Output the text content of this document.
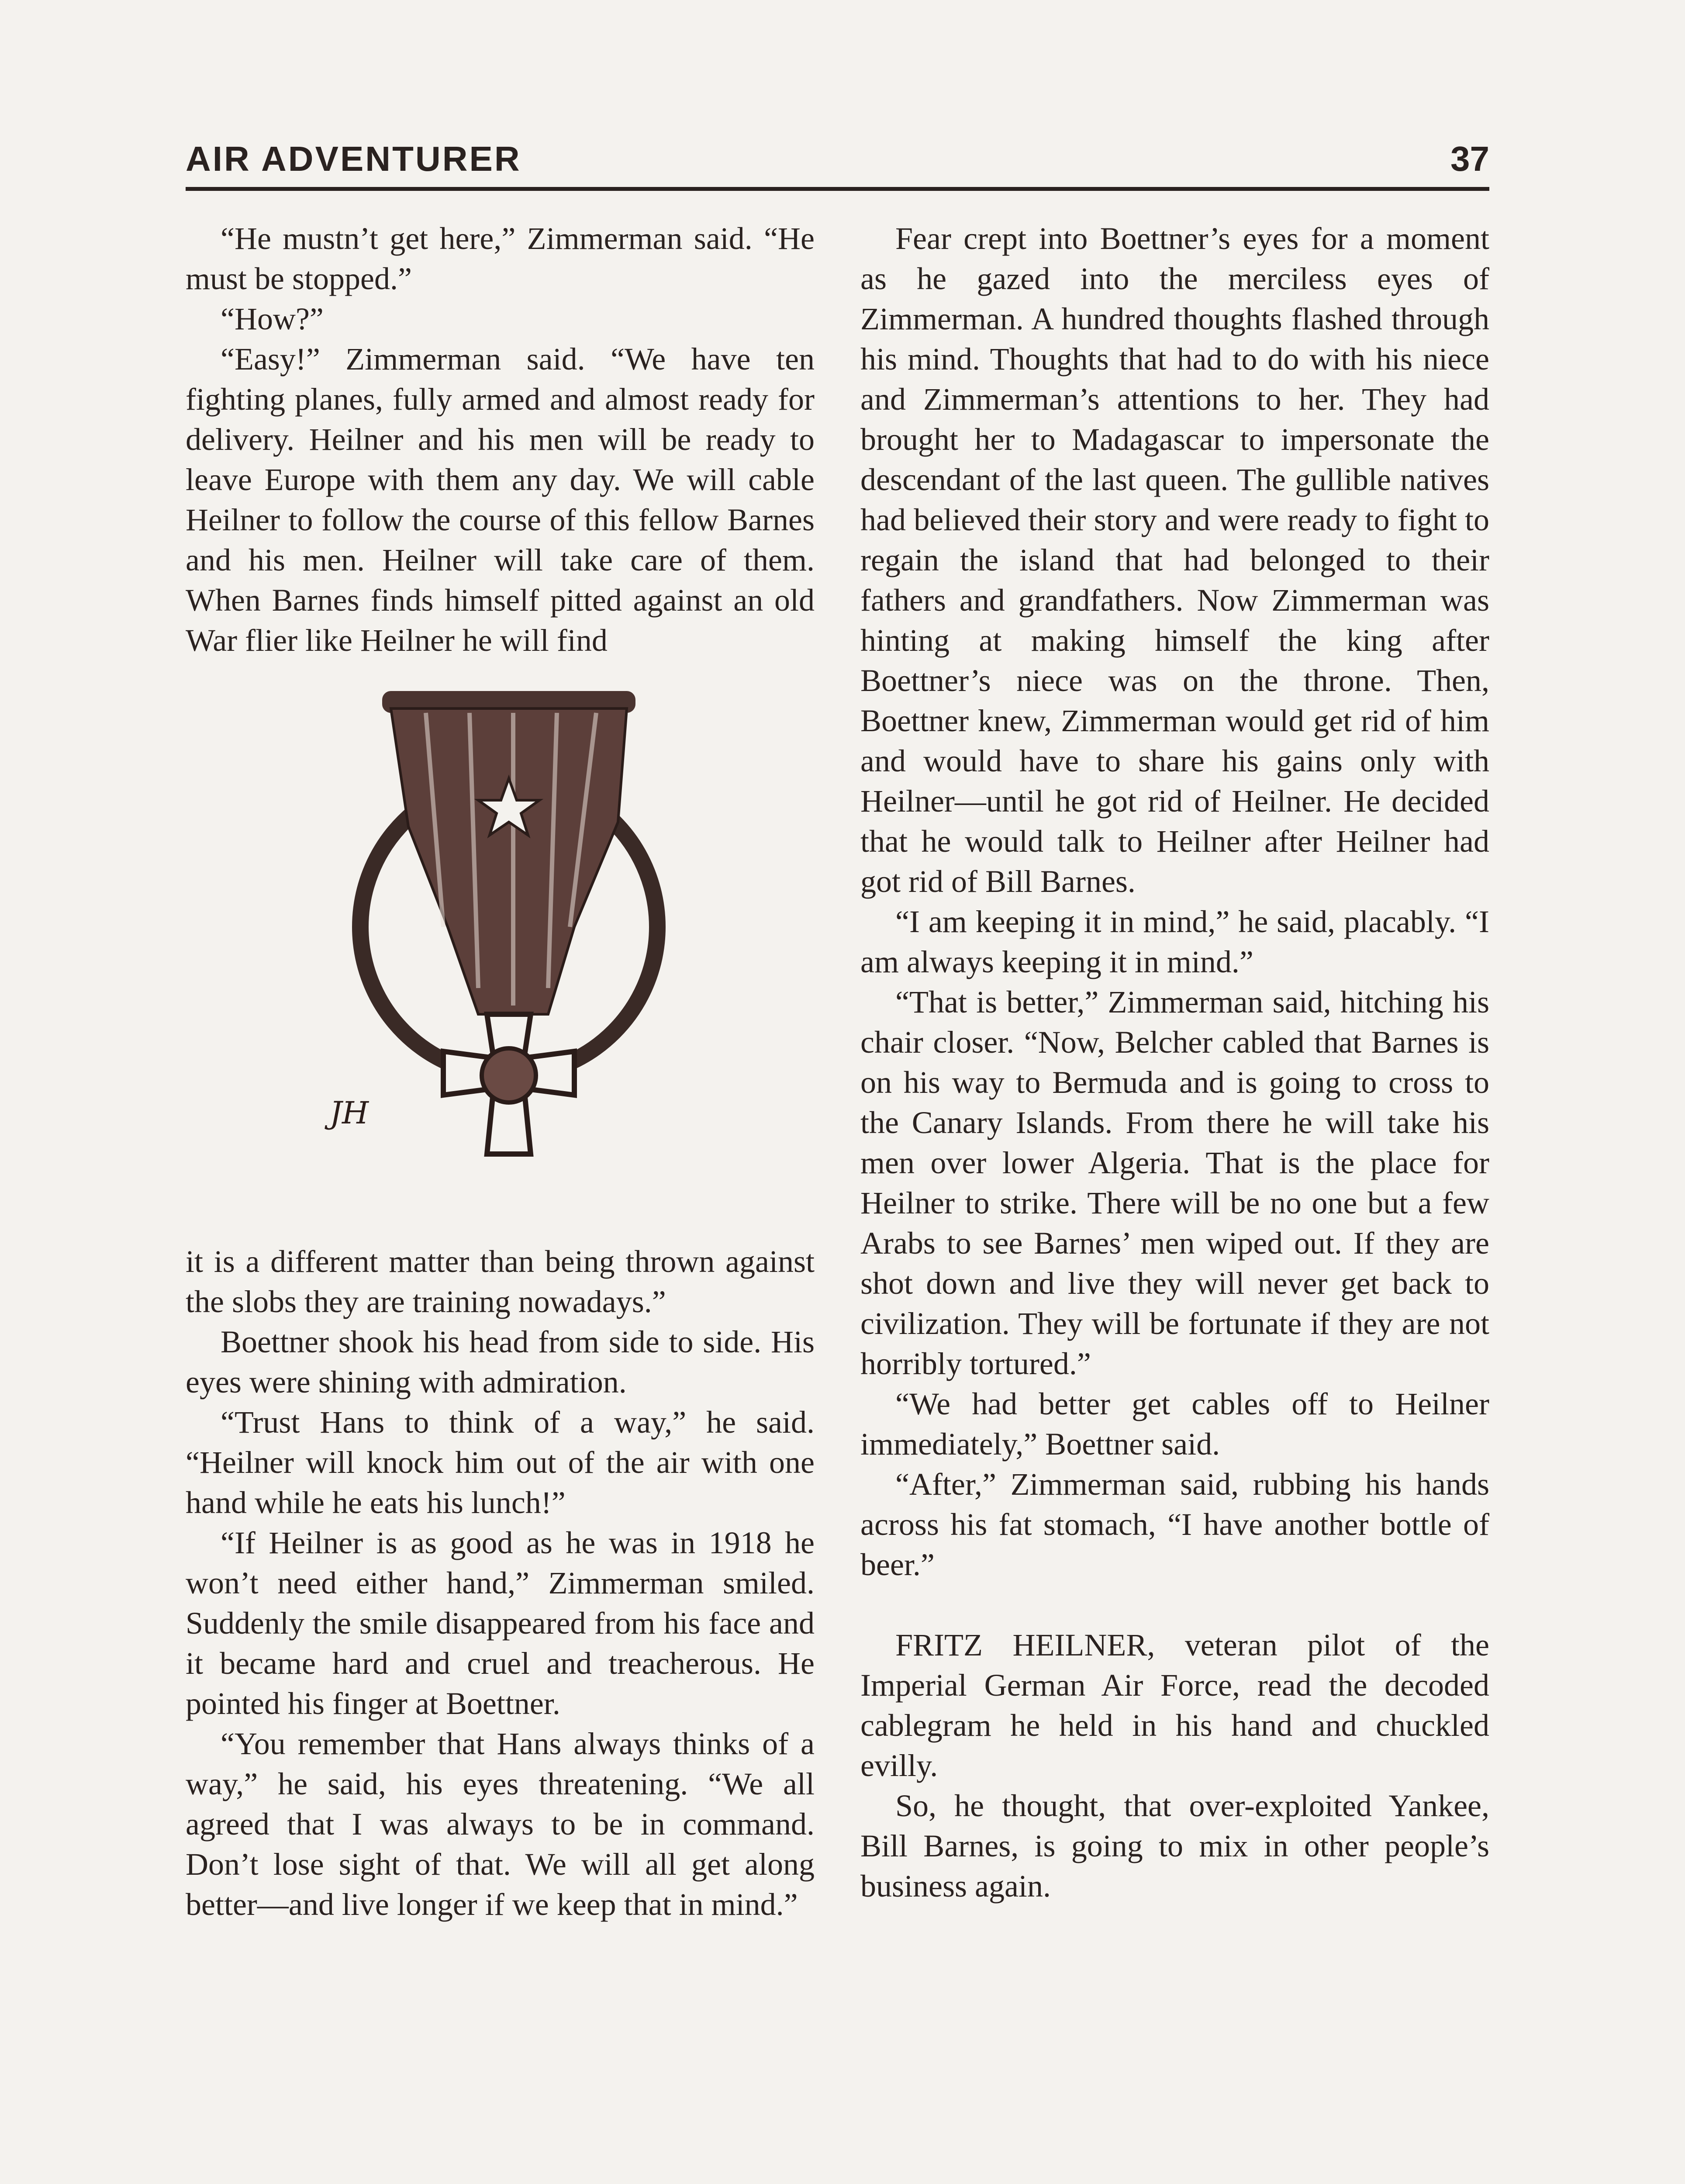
AIR ADVENTURER	37

“He mustn’t get here,” Zimmerman said. “He must be stopped.”

“How?”

“Easy!” Zimmerman said. “We have ten fighting planes, fully armed and almost ready for delivery. Heilner and his men will be ready to leave Europe with them any day. We will cable Heilner to follow the course of this fellow Barnes and his men. Heilner will take care of them. When Barnes finds himself pitted against an old War flier like Heilner he will find

JH

it is a different matter than being thrown against the slobs they are training nowadays.”

Boettner shook his head from side to side. His eyes were shining with admiration.

“Trust Hans to think of a way,” he said. “Heilner will knock him out of the air with one hand while he eats his lunch!”

“If Heilner is as good as he was in 1918 he won’t need either hand,” Zimmerman smiled. Suddenly the smile disappeared from his face and it became hard and cruel and treacherous. He pointed his finger at Boettner.

“You remember that Hans always thinks of a way,” he said, his eyes threatening. “We all agreed that I was always to be in command. Don’t lose sight of that. We will all get along better—and live longer if we keep that in mind.”

Fear crept into Boettner’s eyes for a moment as he gazed into the merciless eyes of Zimmerman. A hundred thoughts flashed through his mind. Thoughts that had to do with his niece and Zimmerman’s attentions to her. They had brought her to Madagascar to impersonate the descendant of the last queen. The gullible natives had believed their story and were ready to fight to regain the island that had belonged to their fathers and grandfathers. Now Zimmerman was hinting at making himself the king after Boettner’s niece was on the throne. Then, Boettner knew, Zimmerman would get rid of him and would have to share his gains only with Heilner—until he got rid of Heilner. He decided that he would talk to Heilner after Heilner had got rid of Bill Barnes.

“I am keeping it in mind,” he said, placably. “I am always keeping it in mind.”

“That is better,” Zimmerman said, hitching his chair closer. “Now, Belcher cabled that Barnes is on his way to Bermuda and is going to cross to the Canary Islands. From there he will take his men over lower Algeria. That is the place for Heilner to strike. There will be no one but a few Arabs to see Barnes’ men wiped out. If they are shot down and live they will never get back to civilization. They will be fortunate if they are not horribly tortured.”

“We had better get cables off to Heilner immediately,” Boettner said.

“After,” Zimmerman said, rubbing his hands across his fat stomach, “I have another bottle of beer.”

FRITZ HEILNER, veteran pilot of the Imperial German Air Force, read the decoded cablegram he held in his hand and chuckled evilly.

So, he thought, that over-exploited Yankee, Bill Barnes, is going to mix in other people’s business again.
